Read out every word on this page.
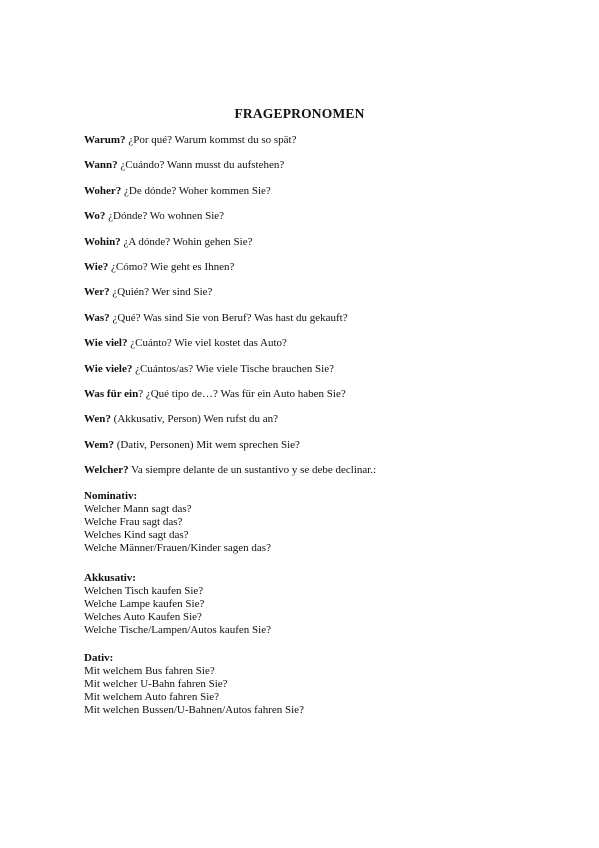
FRAGEPRONOMEN
Warum? ¿Por qué? Warum kommst du so spät?
Wann? ¿Cuándo? Wann musst du aufstehen?
Woher? ¿De dónde? Woher kommen Sie?
Wo? ¿Dónde? Wo wohnen Sie?
Wohin? ¿A dónde? Wohin gehen Sie?
Wie? ¿Cómo? Wie geht es Ihnen?
Wer? ¿Quién? Wer sind Sie?
Was? ¿Qué? Was sind Sie von Beruf? Was hast du gekauft?
Wie viel? ¿Cuánto? Wie viel kostet das Auto?
Wie viele? ¿Cuántos/as? Wie viele Tische brauchen Sie?
Was für ein? ¿Qué tipo de…? Was für ein Auto haben Sie?
Wen? (Akkusativ, Person) Wen rufst du an?
Wem? (Dativ, Personen) Mit wem sprechen Sie?
Welcher? Va siempre delante de un sustantivo y se debe declinar.:

Nominativ:

Welcher Mann sagt das?
Welche Frau sagt das?
Welches Kind sagt das?
Welche Männer/Frauen/Kinder sagen das?

Akkusativ:

Welchen Tisch kaufen Sie?
Welche Lampe kaufen Sie?
Welches Auto Kaufen Sie?
Welche Tische/Lampen/Autos kaufen Sie?

Dativ:

Mit welchem Bus fahren Sie?
Mit welcher U-Bahn fahren Sie?
Mit welchem Auto fahren Sie?
Mit welchen Bussen/U-Bahnen/Autos fahren Sie?
